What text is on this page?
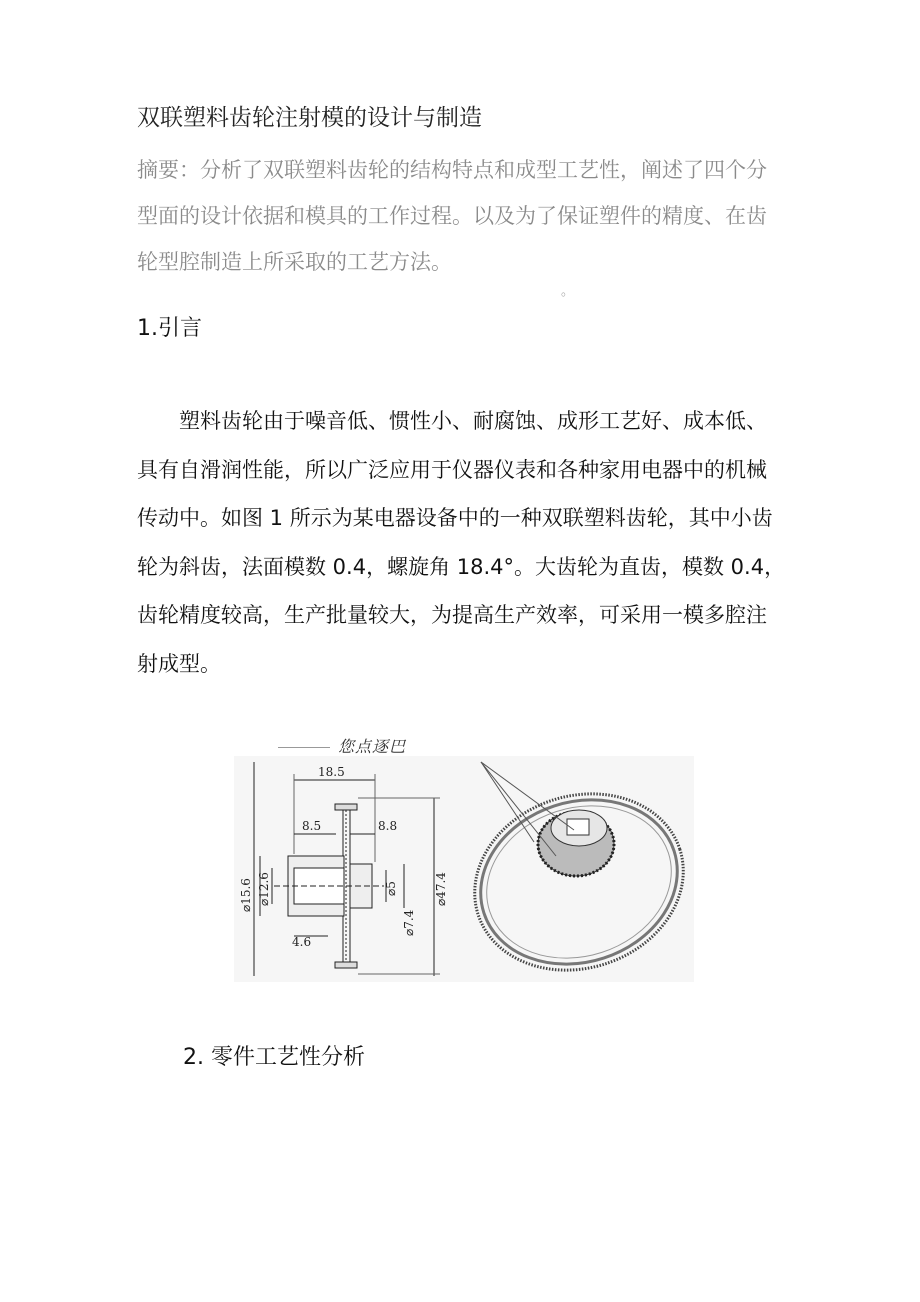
双联塑料齿轮注射模的设计与制造
摘要：分析了双联塑料齿轮的结构特点和成型工艺性，阐述了四个分型面的设计依据和模具的工作过程。以及为了保证塑件的精度、在齿轮型腔制造上所采取的工艺方法。
。
1.引言

塑料齿轮由于噪音低、惯性小、耐腐蚀、成形工艺好、成本低、具有自滑润性能，所以广泛应用于仪器仪表和各种家用电器中的机械传动中。如图 1 所示为某电器设备中的一种双联塑料齿轮，其中小齿轮为斜齿，法面模数 0.4，螺旋角 18.4°。大齿轮为直齿，模数 0.4，齿轮精度较高，生产批量较大，为提高生产效率，可采用一模多腔注射成型。

您点逐巴
18.5
8.5	8.8
4.6
⌀15.6 ⌀12.6	⌀5
⌀7.4
⌀47.4
2. 零件工艺性分析
